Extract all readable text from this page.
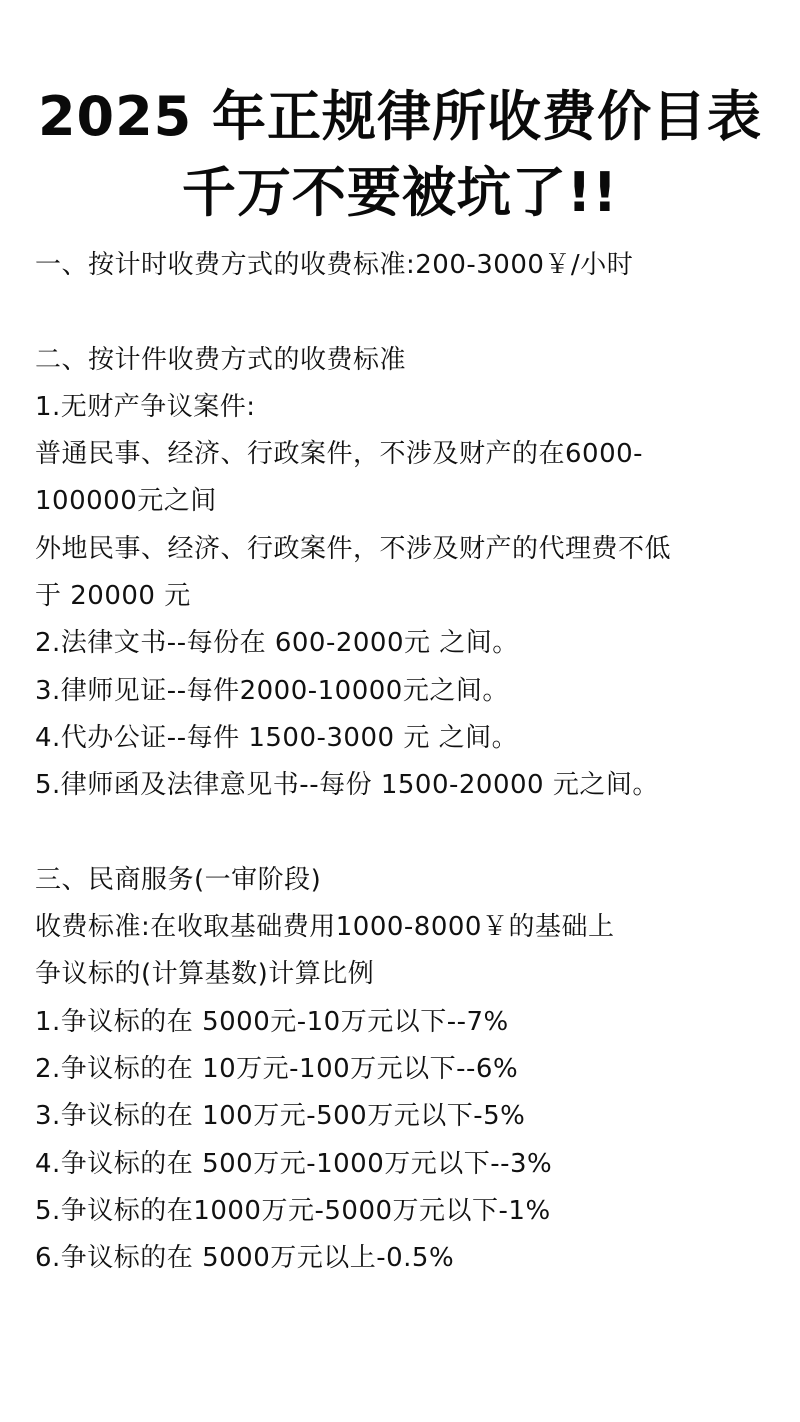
2025 年正规律所收费价目表
千万不要被坑了!!
一、按计时收费方式的收费标准:200-3000￥/小时
二、按计件收费方式的收费标准
1.无财产争议案件:
普通民事、经济、行政案件，不涉及财产的在6000-
100000元之间
外地民事、经济、行政案件，不涉及财产的代理费不低
于 20000 元
2.法律文书--每份在 600-2000元 之间。
3.律师见证--每件2000-10000元之间。
4.代办公证--每件 1500-3000 元 之间。
5.律师函及法律意见书--每份 1500-20000 元之间。
三、民商服务(一审阶段)
收费标准:在收取基础费用1000-8000￥的基础上
争议标的(计算基数)计算比例
1.争议标的在 5000元-10万元以下--7%
2.争议标的在 10万元-100万元以下--6%
3.争议标的在 100万元-500万元以下-5%
4.争议标的在 500万元-1000万元以下--3%
5.争议标的在1000万元-5000万元以下-1%
6.争议标的在 5000万元以上-0.5%
